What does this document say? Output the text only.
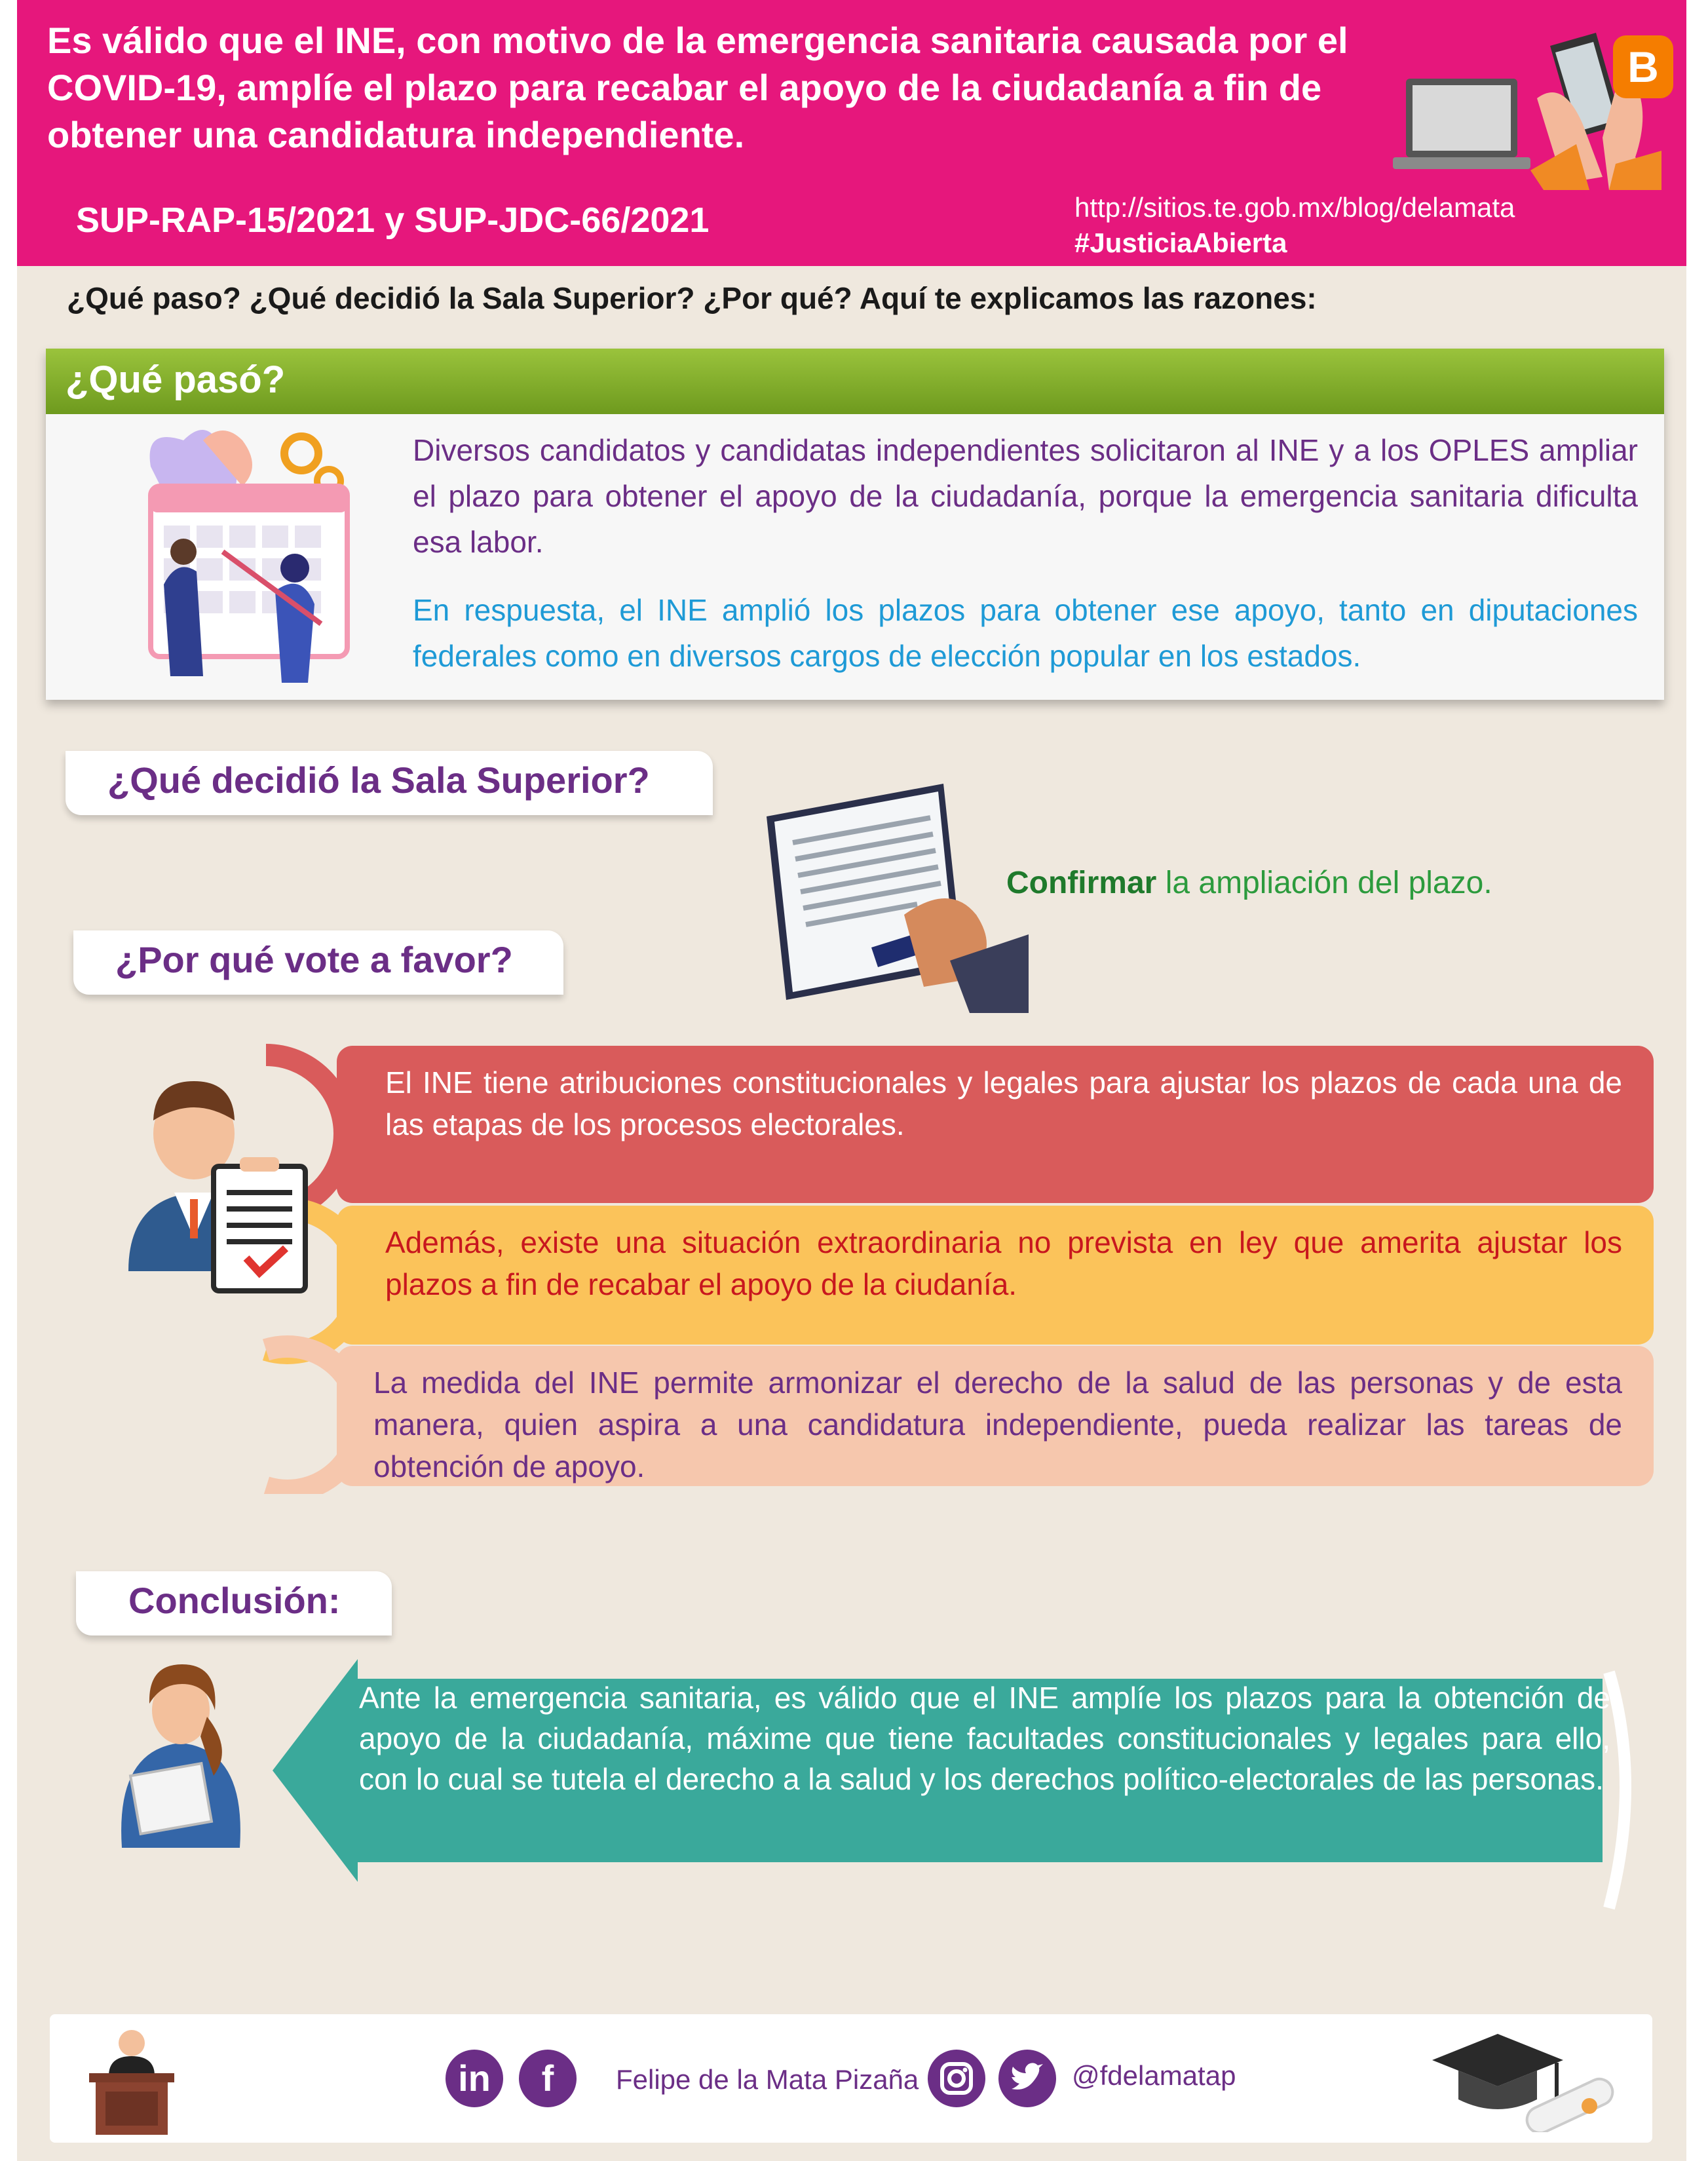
Es válido que el INE, con motivo de la emergencia sanitaria causada por el COVID-19, amplíe el plazo para recabar el apoyo de la ciudadanía a fin de obtener una candidatura independiente.
SUP-RAP-15/2021 y SUP-JDC-66/2021	http://sitios.te.gob.mx/blog/delamata
#JusticiaAbierta
B
¿Qué paso? ¿Qué decidió la Sala Superior? ¿Por qué? Aquí te explicamos las razones:
¿Qué pasó?
Diversos candidatos y candidatas independientes solicitaron al INE y a los OPLES ampliar el plazo para obtener el apoyo de la ciudadanía, porque la emergencia sanitaria dificulta esa labor.
En respuesta, el INE amplió los plazos para obtener ese apoyo, tanto en diputaciones federales como en diversos cargos de elección popular en los estados.
¿Qué decidió la Sala Superior?
Confirmar la ampliación del plazo.
¿Por qué vote a favor?
El INE tiene atribuciones constitucionales y legales para ajustar los plazos de cada una de las etapas de los procesos electorales.
Además, existe una situación extraordinaria no prevista en ley que amerita ajustar los plazos a fin de recabar el apoyo de la ciudanía.
La medida del INE permite armonizar el derecho de la salud de las personas y de esta manera, quien aspira a una candidatura independiente, pueda realizar las tareas de obtención de apoyo.
Conclusión:
Ante la emergencia sanitaria, es válido que el INE amplíe los plazos para la obtención de apoyo de la ciudadanía, máxime que tiene facultades constitucionales y legales para ello, con lo cual se tutela el derecho a la salud y los derechos político-electorales de las personas.
in	f	Felipe de la Mata Pizaña	@fdelamatap
